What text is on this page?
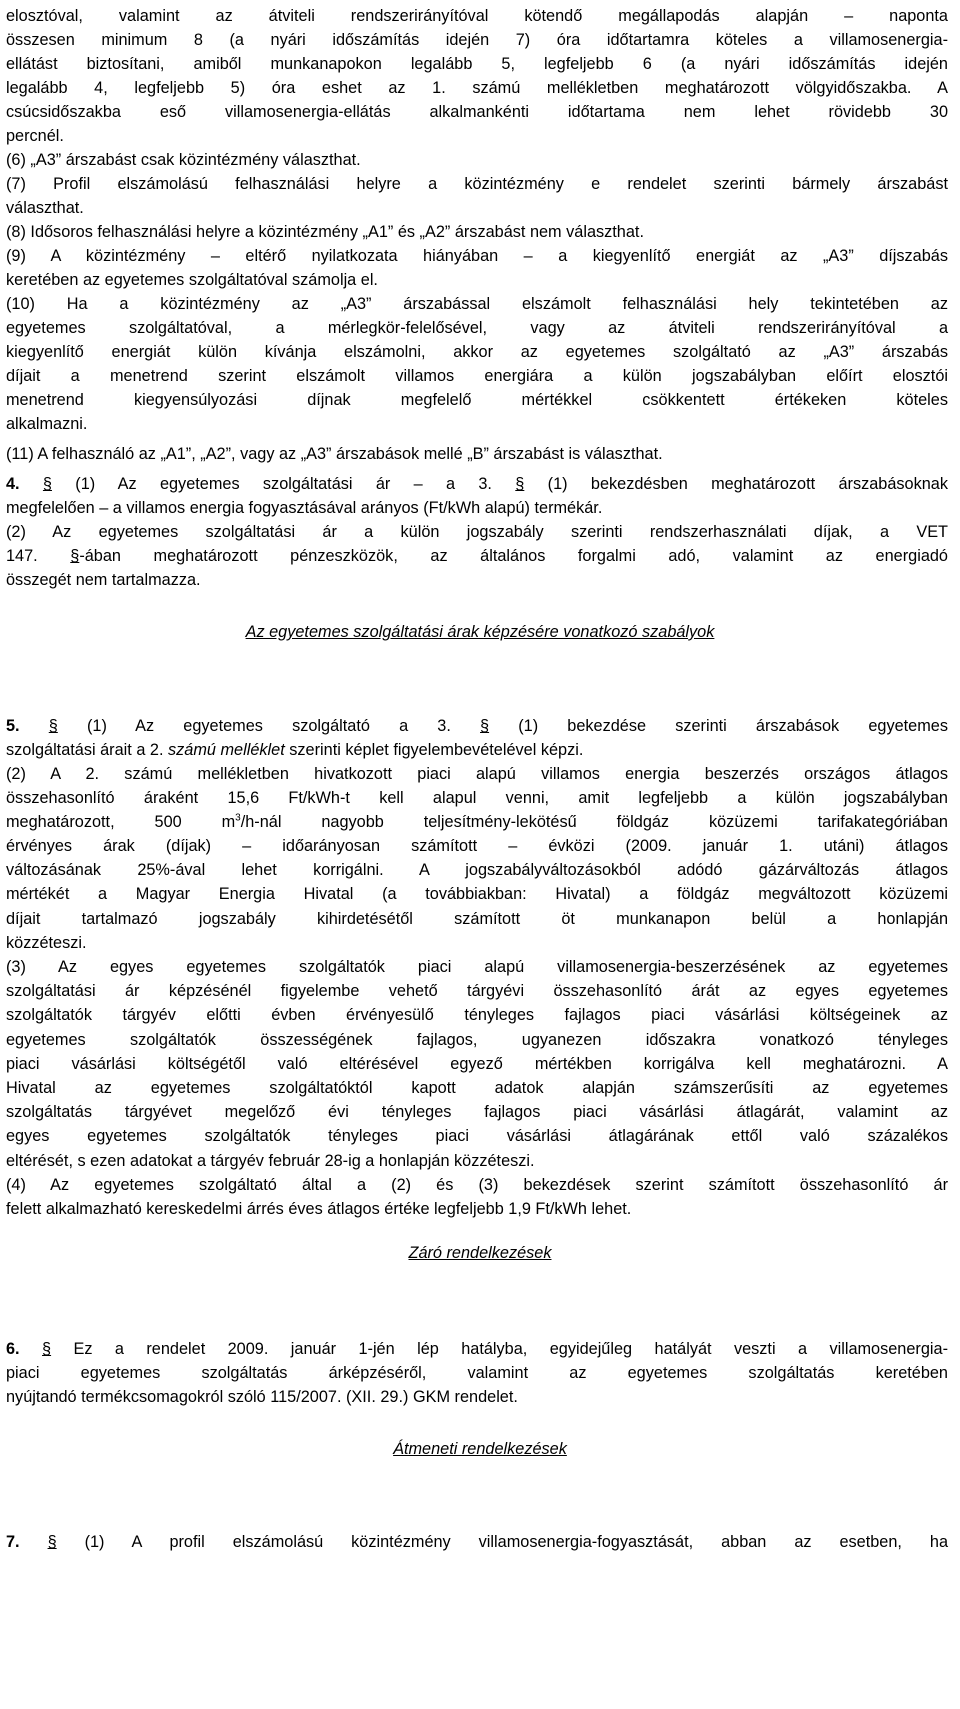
elosztóval, valamint az átviteli rendszerirányítóval kötendő megállapodás alapján – naponta
összesen minimum 8 (a nyári időszámítás idején 7) óra időtartamra köteles a villamosenergia-
ellátást biztosítani, amiből munkanapokon legalább 5, legfeljebb 6 (a nyári időszámítás idején
legalább 4, legfeljebb 5) óra eshet az 1. számú mellékletben meghatározott völgyidőszakba. A
csúcsidőszakba eső villamosenergia-ellátás alkalmankénti időtartama nem lehet rövidebb 30
percnél.
(6) „A3” árszabást csak közintézmény választhat.
(7) Profil elszámolású felhasználási helyre a közintézmény e rendelet szerinti bármely árszabást
választhat.
(8) Idősoros felhasználási helyre a közintézmény „A1” és „A2” árszabást nem választhat.
(9) A közintézmény – eltérő nyilatkozata hiányában – a kiegyenlítő energiát az „A3” díjszabás
keretében az egyetemes szolgáltatóval számolja el.
(10) Ha a közintézmény az „A3” árszabással elszámolt felhasználási hely tekintetében az
egyetemes szolgáltatóval, a mérlegkör-felelősével, vagy az átviteli rendszerirányítóval a
kiegyenlítő energiát külön kívánja elszámolni, akkor az egyetemes szolgáltató az „A3” árszabás
díjait a menetrend szerint elszámolt villamos energiára a külön jogszabályban előírt elosztói
menetrend kiegyensúlyozási díjnak megfelelő mértékkel csökkentett értékeken köteles
alkalmazni.
(11) A felhasználó az „A1”, „A2”, vagy az „A3” árszabások mellé „B” árszabást is választhat.
4. § (1) Az egyetemes szolgáltatási ár – a 3. § (1) bekezdésben meghatározott árszabásoknak
megfelelően – a villamos energia fogyasztásával arányos (Ft/kWh alapú) termékár.
(2) Az egyetemes szolgáltatási ár a külön jogszabály szerinti rendszerhasználati díjak, a VET
147. §-ában meghatározott pénzeszközök, az általános forgalmi adó, valamint az energiadó
összegét nem tartalmazza.
Az egyetemes szolgáltatási árak képzésére vonatkozó szabályok
5. § (1) Az egyetemes szolgáltató a 3. § (1) bekezdése szerinti árszabások egyetemes
szolgáltatási árait a 2. számú melléklet szerinti képlet figyelembevételével képzi.
(2) A 2. számú mellékletben hivatkozott piaci alapú villamos energia beszerzés országos átlagos
összehasonlító áraként 15,6 Ft/kWh-t kell alapul venni, amit legfeljebb a külön jogszabályban
meghatározott, 500 $m^3/h$-nál nagyobb teljesítmény-lekötésű földgáz közüzemi tarifakategóriában
érvényes árak (díjak) – időarányosan számított – évközi (2009. január 1. utáni) átlagos
változásának 25%-ával lehet korrigálni. A jogszabályváltozásokból adódó gázárváltozás átlagos
mértékét a Magyar Energia Hivatal (a továbbiakban: Hivatal) a földgáz megváltozott közüzemi
díjait tartalmazó jogszabály kihirdetésétől számított öt munkanapon belül a honlapján
közzéteszi.
(3) Az egyes egyetemes szolgáltatók piaci alapú villamosenergia-beszerzésének az egyetemes
szolgáltatási ár képzésénél figyelembe vehető tárgyévi összehasonlító árát az egyes egyetemes
szolgáltatók tárgyév előtti évben érvényesülő tényleges fajlagos piaci vásárlási költségeinek az
egyetemes szolgáltatók összességének fajlagos, ugyanezen időszakra vonatkozó tényleges
piaci vásárlási költségétől való eltérésével egyező mértékben korrigálva kell meghatározni. A
Hivatal az egyetemes szolgáltatóktól kapott adatok alapján számszerűsíti az egyetemes
szolgáltatás tárgyévet megelőző évi tényleges fajlagos piaci vásárlási átlagárát, valamint az
egyes egyetemes szolgáltatók tényleges piaci vásárlási átlagárának ettől való százalékos
eltérését, s ezen adatokat a tárgyév február 28-ig a honlapján közzéteszi.
(4) Az egyetemes szolgáltató által a (2) és (3) bekezdések szerint számított összehasonlító ár
felett alkalmazható kereskedelmi árrés éves átlagos értéke legfeljebb 1,9 Ft/kWh lehet.
Záró rendelkezések
6. § Ez a rendelet 2009. január 1-jén lép hatályba, egyidejűleg hatályát veszti a villamosenergia-
piaci egyetemes szolgáltatás árképzéséről, valamint az egyetemes szolgáltatás keretében
nyújtandó termékcsomagokról szóló 115/2007. (XII. 29.) GKM rendelet.
Átmeneti rendelkezések
7. § (1) A profil elszámolású közintézmény villamosenergia-fogyasztását, abban az esetben, ha
